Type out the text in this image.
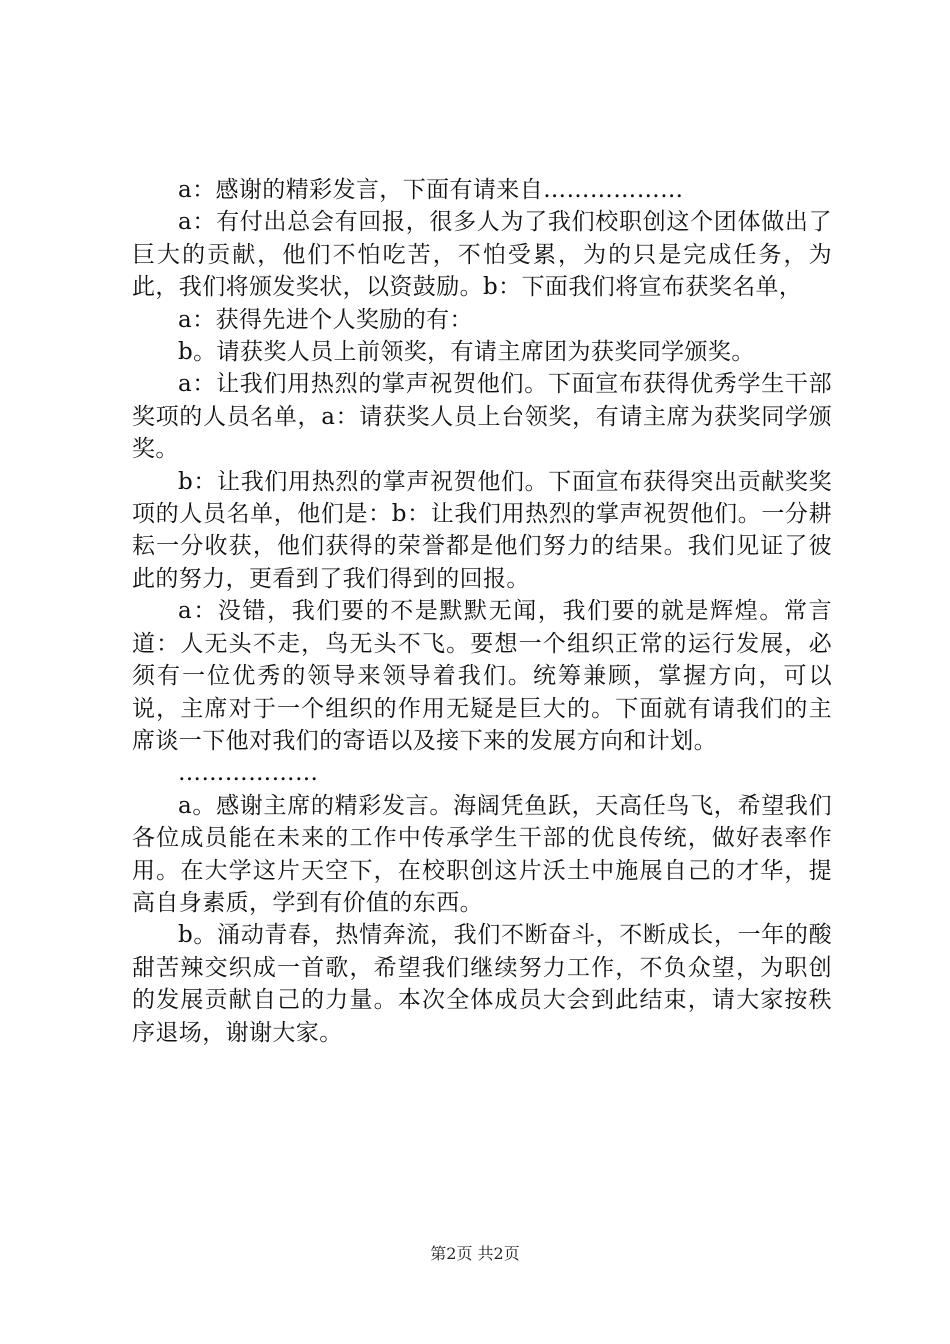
a：感谢的精彩发言，下面有请来自………………

a：有付出总会有回报，很多人为了我们校职创这个团体做出了巨大的贡献，他们不怕吃苦，不怕受累，为的只是完成任务，为此，我们将颁发奖状，以资鼓励。b：下面我们将宣布获奖名单，

a：获得先进个人奖励的有：

b。请获奖人员上前领奖，有请主席团为获奖同学颁奖。

a：让我们用热烈的掌声祝贺他们。下面宣布获得优秀学生干部奖项的人员名单，a：请获奖人员上台领奖，有请主席为获奖同学颁奖。

b：让我们用热烈的掌声祝贺他们。下面宣布获得突出贡献奖奖项的人员名单，他们是：b：让我们用热烈的掌声祝贺他们。一分耕耘一分收获，他们获得的荣誉都是他们努力的结果。我们见证了彼此的努力，更看到了我们得到的回报。

a：没错，我们要的不是默默无闻，我们要的就是辉煌。常言道：人无头不走，鸟无头不飞。要想一个组织正常的运行发展，必须有一位优秀的领导来领导着我们。统筹兼顾，掌握方向，可以说，主席对于一个组织的作用无疑是巨大的。下面就有请我们的主席谈一下他对我们的寄语以及接下来的发展方向和计划。

………………

a。感谢主席的精彩发言。海阔凭鱼跃，天高任鸟飞，希望我们各位成员能在未来的工作中传承学生干部的优良传统，做好表率作用。在大学这片天空下，在校职创这片沃土中施展自己的才华，提高自身素质，学到有价值的东西。

b。涌动青春，热情奔流，我们不断奋斗，不断成长，一年的酸甜苦辣交织成一首歌，希望我们继续努力工作，不负众望，为职创的发展贡献自己的力量。本次全体成员大会到此结束，请大家按秩序退场，谢谢大家。

第2页 共2页
